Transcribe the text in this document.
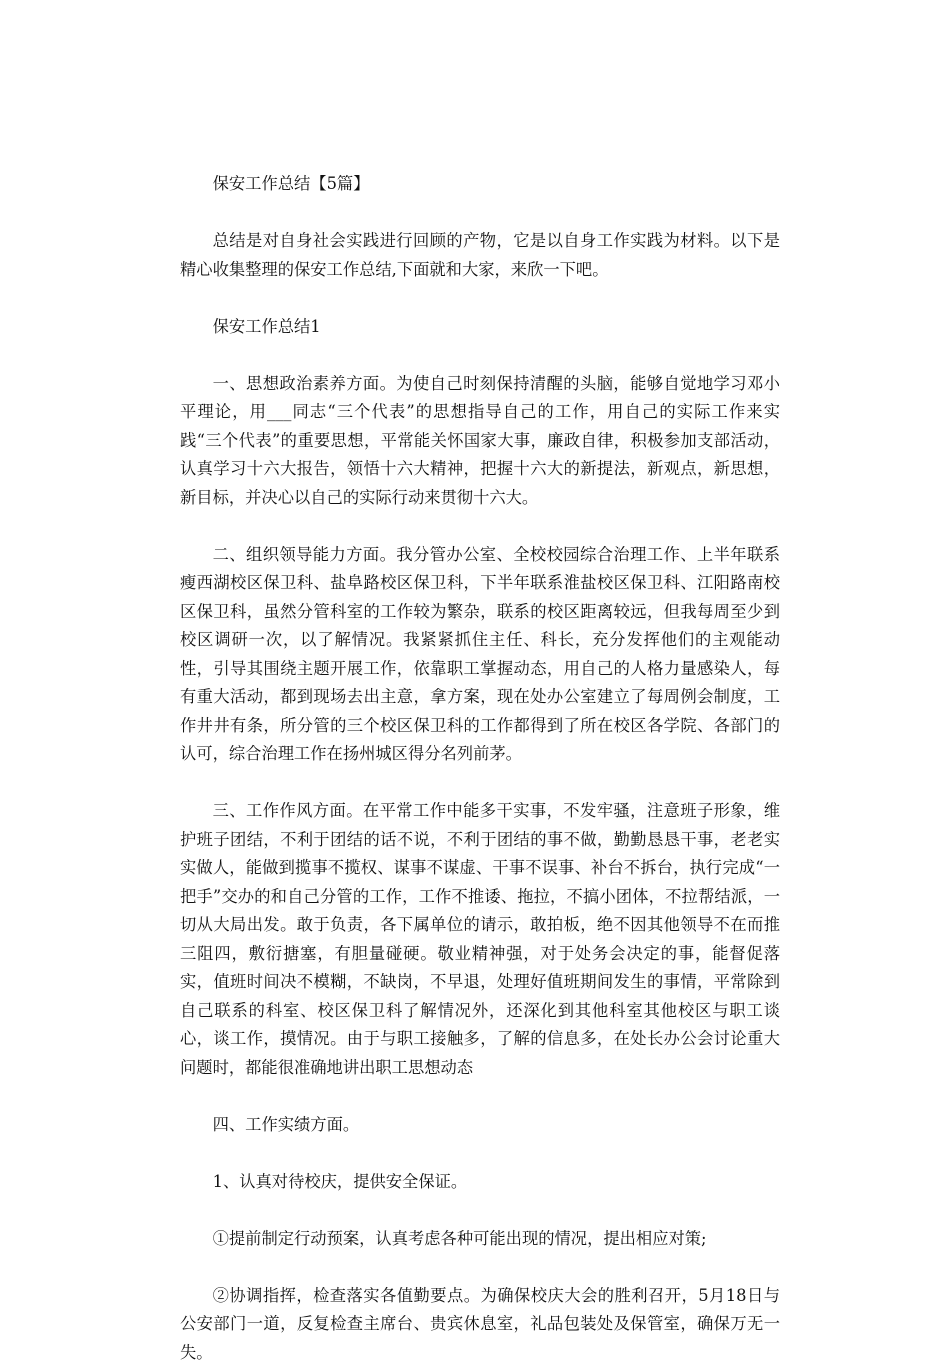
保安工作总结【5篇】

总结是对自身社会实践进行回顾的产物，它是以自身工作实践为材料。以下是精心收集整理的保安工作总结,下面就和大家，来欣一下吧。

保安工作总结1

一、思想政治素养方面。为使自己时刻保持清醒的头脑，能够自觉地学习邓小平理论，用___同志“三个代表”的思想指导自己的工作，用自己的实际工作来实践“三个代表”的重要思想，平常能关怀国家大事，廉政自律，积极参加支部活动，认真学习十六大报告，领悟十六大精神，把握十六大的新提法，新观点，新思想，新目标，并决心以自己的实际行动来贯彻十六大。

二、组织领导能力方面。我分管办公室、全校校园综合治理工作、上半年联系瘦西湖校区保卫科、盐阜路校区保卫科，下半年联系淮盐校区保卫科、江阳路南校区保卫科，虽然分管科室的工作较为繁杂，联系的校区距离较远，但我每周至少到校区调研一次，以了解情况。我紧紧抓住主任、科长，充分发挥他们的主观能动性，引导其围绕主题开展工作，依靠职工掌握动态，用自己的人格力量感染人，每有重大活动，都到现场去出主意，拿方案，现在处办公室建立了每周例会制度，工作井井有条，所分管的三个校区保卫科的工作都得到了所在校区各学院、各部门的认可，综合治理工作在扬州城区得分名列前茅。

三、工作作风方面。在平常工作中能多干实事，不发牢骚，注意班子形象，维护班子团结，不利于团结的话不说，不利于团结的事不做，勤勤恳恳干事，老老实实做人，能做到揽事不揽权、谋事不谋虚、干事不误事、补台不拆台，执行完成“一把手”交办的和自己分管的工作，工作不推诿、拖拉，不搞小团体，不拉帮结派，一切从大局出发。敢于负责，各下属单位的请示，敢拍板，绝不因其他领导不在而推三阻四，敷衍搪塞，有胆量碰硬。敬业精神强，对于处务会决定的事，能督促落实，值班时间决不模糊，不缺岗，不早退，处理好值班期间发生的事情，平常除到自己联系的科室、校区保卫科了解情况外，还深化到其他科室其他校区与职工谈心，谈工作，摸情况。由于与职工接触多，了解的信息多，在处长办公会讨论重大问题时，都能很准确地讲出职工思想动态

四、工作实绩方面。

1、认真对待校庆，提供安全保证。

①提前制定行动预案，认真考虑各种可能出现的情况，提出相应对策;

②协调指挥，检查落实各值勤要点。为确保校庆大会的胜利召开，5月18日与公安部门一道，反复检查主席台、贵宾休息室，礼品包装处及保管室，确保万无一失。
